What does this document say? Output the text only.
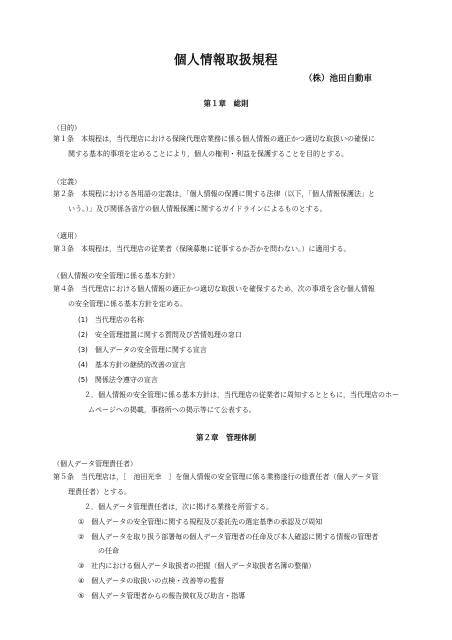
個人情報取扱規程
（株）池田自動車
第１章　総則
（目的）
第１条　本規程は，当代理店における保険代理店業務に係る個人情報の適正かつ適切な取扱いの確保に
関する基本的事項を定めることにより，個人の権利・利益を保護することを目的とする。
（定義）
第２条　本規程における各用語の定義は，「個人情報の保護に関する法律（以下，「個人情報保護法」と
いう。）」及び関係各省庁の個人情報保護に関するガイドラインによるものとする。
（適用）
第３条　本規程は，当代理店の従業者（保険募集に従事するか否かを問わない。）に適用する。
（個人情報の安全管理に係る基本方針）
第４条　当代理店における個人情報の適正かつ適切な取扱いを確保するため，次の事項を含む個人情報
の安全管理に係る基本方針を定める。
(1)　当代理店の名称
(2)　安全管理措置に関する質問及び苦情処理の窓口
(3)　個人データの安全管理に関する宣言
(4)　基本方針の継続的改善の宣言
(5)　関係法令遵守の宣言
２．個人情報の安全管理に係る基本方針は，当代理店の従業者に周知するとともに，当代理店のホー
ムページへの掲載，事務所への掲示等にて公表する。
第２章　管理体制
（個人データ管理責任者）
第５条　当代理店は，［　池田光幸　］を個人情報の安全管理に係る業務遂行の総責任者（個人データ管
理責任者）とする。
２．個人データ管理責任者は，次に掲げる業務を所管する。
①　個人データの安全管理に関する規程及び委託先の選定基準の承認及び周知
②　個人データを取り扱う部署毎の個人データ管理者の任命及び本人確認に関する情報の管理者
の任命
③　社内における個人データ取扱者の把握（個人データ取扱者名簿の整備）
④　個人データの取扱いの点検・改善等の監督
⑤　個人データ管理者からの報告徴収及び助言・指導
